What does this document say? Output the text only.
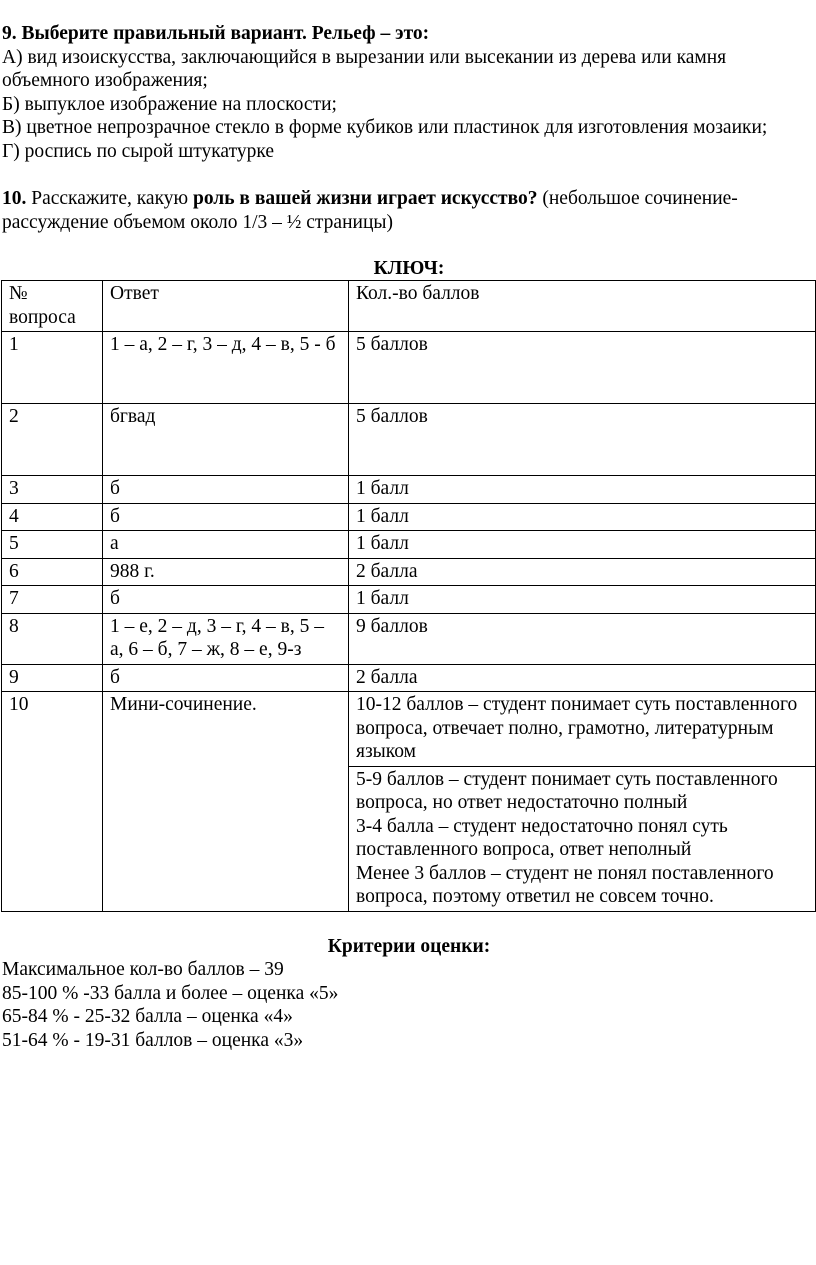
9. Выберите правильный вариант. Рельеф – это:

А) вид изоискусства, заключающийся в вырезании или высекании из дерева или камня объемного изображения;

Б) выпуклое изображение на плоскости;

В) цветное непрозрачное стекло в форме кубиков или пластинок для изготовления мозаики;

Г) роспись по сырой штукатурке

10. Расскажите, какую роль в вашей жизни играет искусство? (небольшое сочинение-рассуждение объемом около 1/3 – ½ страницы)

КЛЮЧ:
№ вопроса	Ответ	Кол.-во баллов
1	1 – а, 2 – г, 3 – д, 4 – в, 5 - б	5 баллов
2	бгвад	5 баллов
3	б	1 балл
4	б	1 балл
5	а	1 балл
6	988 г.	2 балла
7	б	1 балл
8	1 – е, 2 – д, 3 – г, 4 – в, 5 – а, 6 – б, 7 – ж, 8 – е, 9-з	9 баллов
9	б	2 балла
10	Мини-сочинение.	10-12 баллов – студент понимает суть поставленного вопроса, отвечает полно, грамотно, литературным языком

		5-9 баллов – студент понимает суть поставленного вопроса, но ответ недостаточно полный
3-4 балла – студент недостаточно понял суть поставленного вопроса, ответ неполный
Менее 3 баллов – студент не понял поставленного вопроса, поэтому ответил не совсем точно.
Критерии оценки:

Максимальное кол-во баллов – 39

85-100 % -33 балла и более – оценка «5»

65-84 % - 25-32 балла – оценка «4»

51-64 % - 19-31 баллов – оценка «3»
